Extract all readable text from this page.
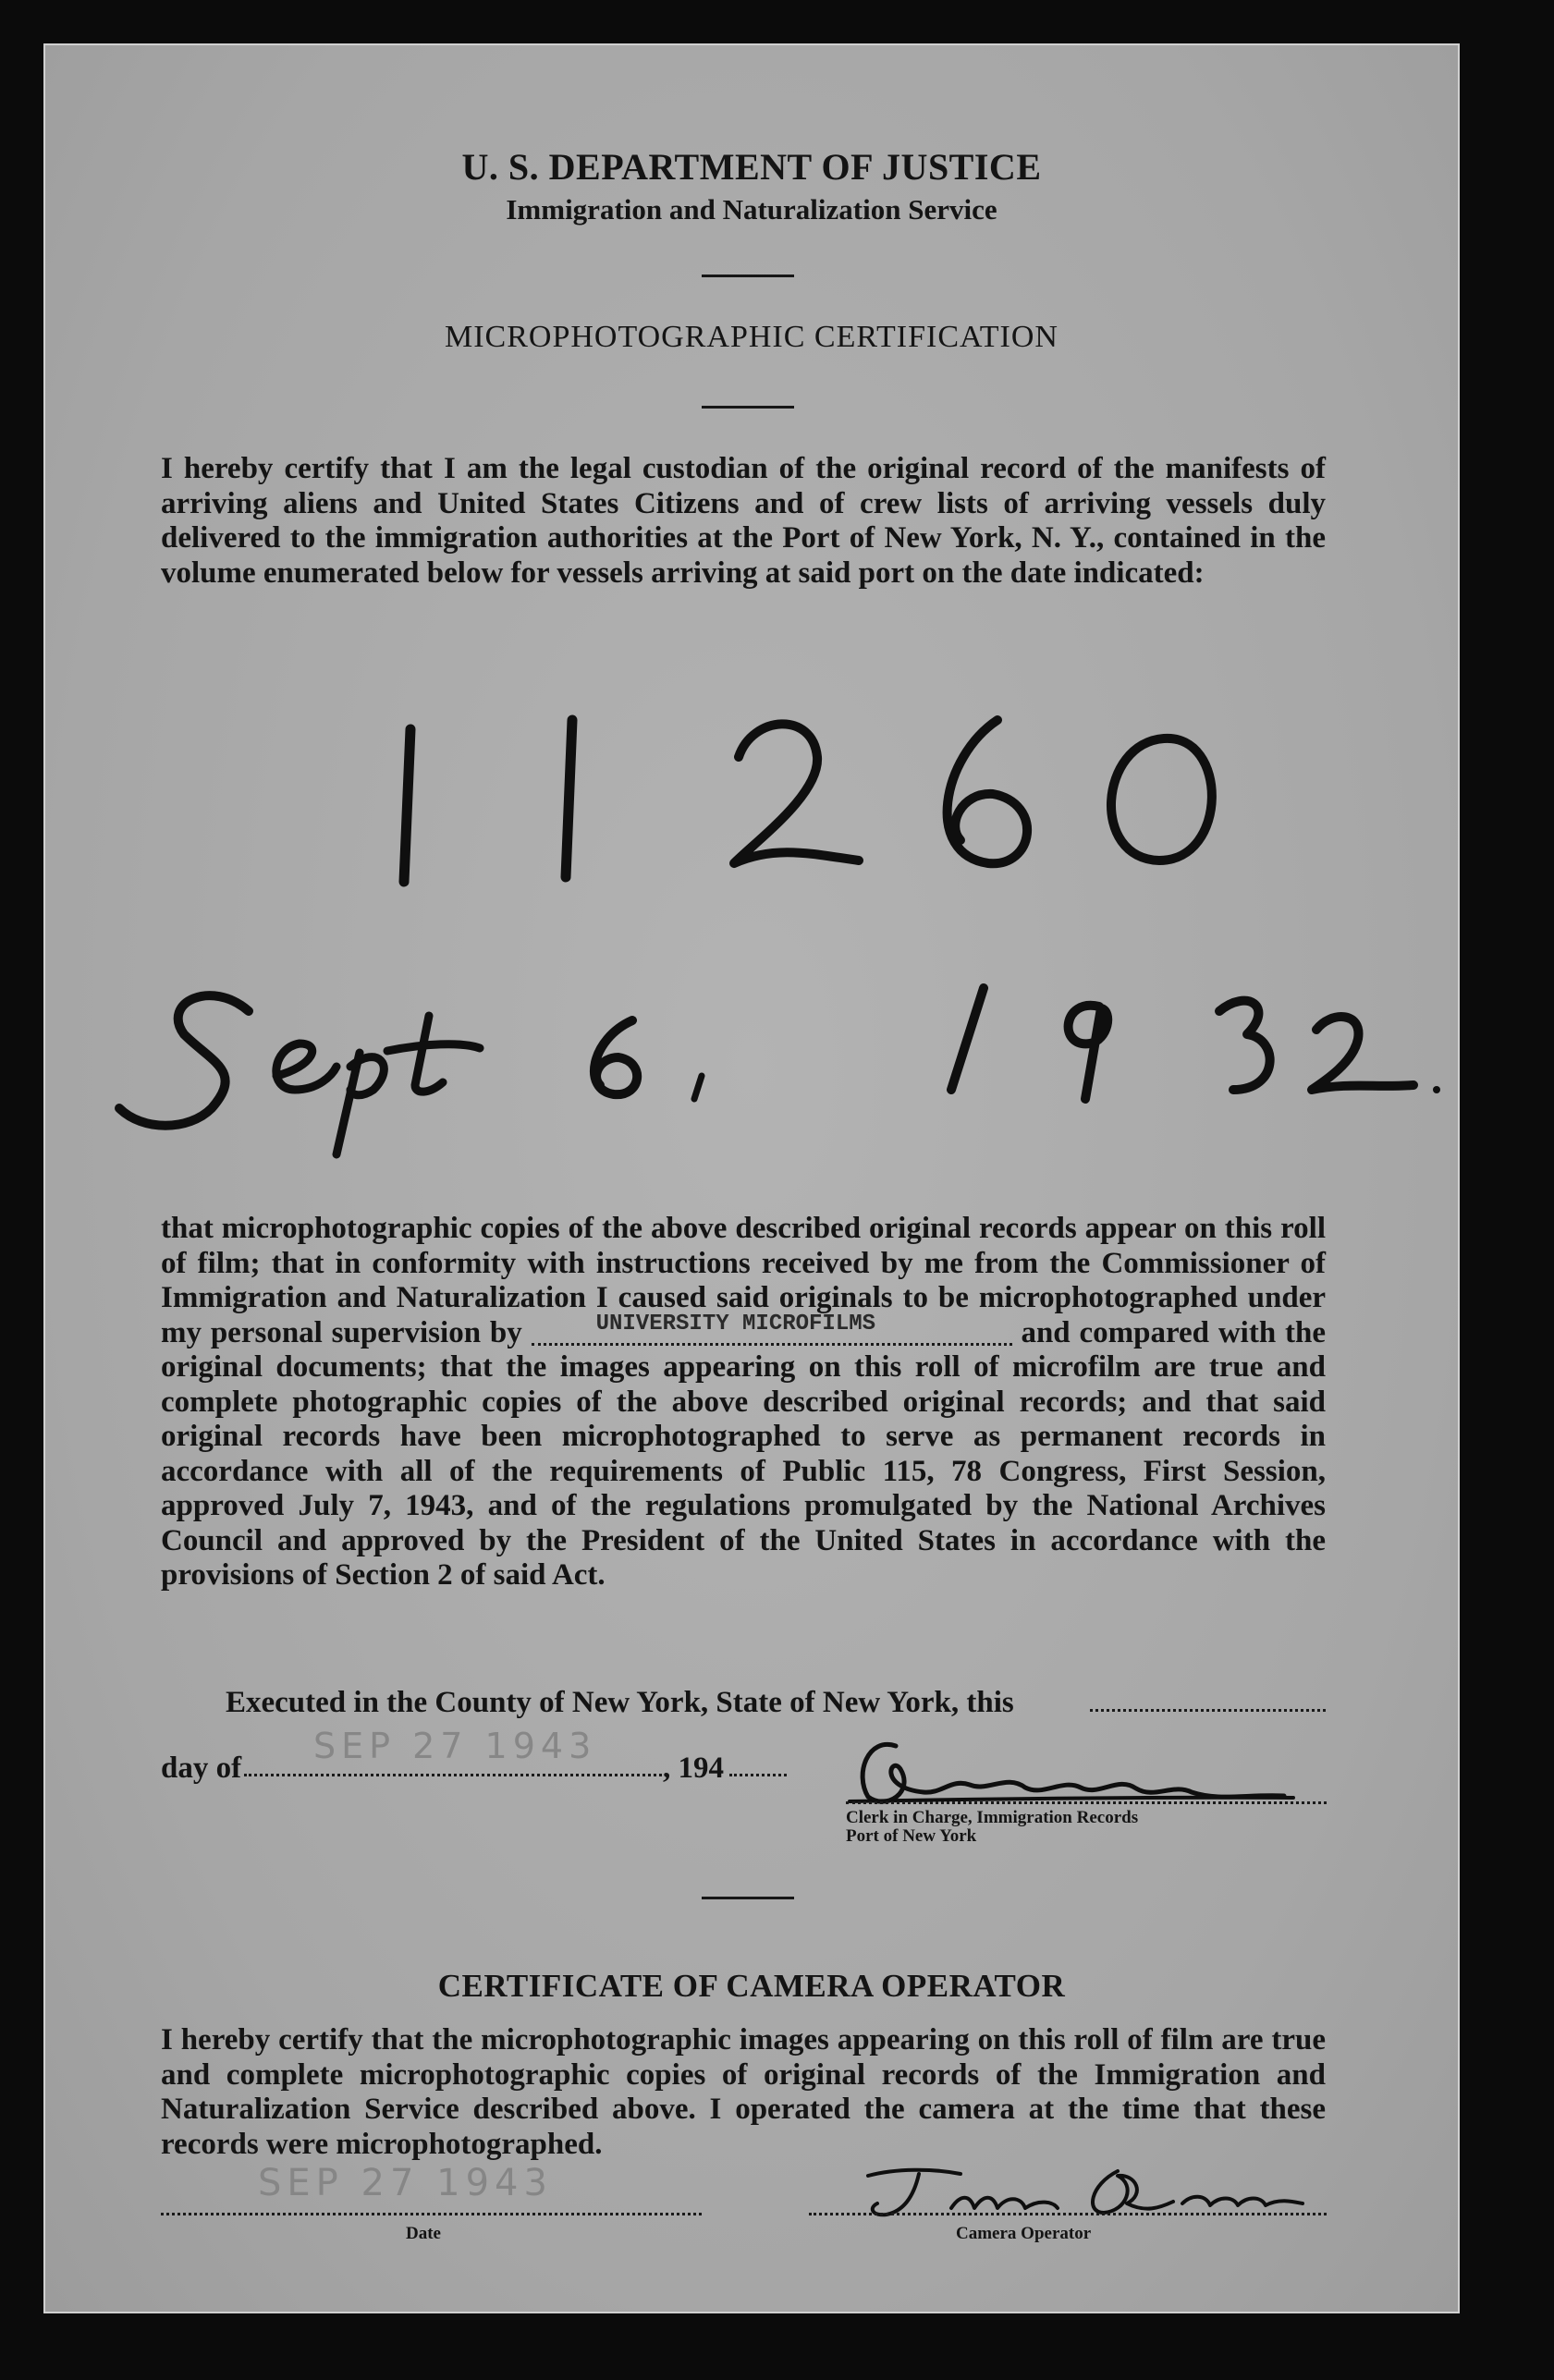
U. S. DEPARTMENT OF JUSTICE
Immigration and Naturalization Service
MICROPHOTOGRAPHIC CERTIFICATION
I hereby certify that I am the legal custodian of the original record of the manifests of arriving aliens and United States Citizens and of crew lists of arriving vessels duly delivered to the immigration authorities at the Port of New York, N. Y., contained in the volume enumerated below for vessels arriving at said port on the date indicated:
that microphotographic copies of the above described original records appear on this roll of film; that in conformity with instructions received by me from the Commissioner of Immigration and Naturalization I caused said originals to be microphotographed under my personal supervision by	UNIVERSITY MICROFILMS	and compared with the original documents; that the images appearing on this roll of microfilm are true and complete photographic copies of the above described original records; and that said original records have been microphotographed to serve as permanent records in accordance with all of the requirements of Public 115, 78 Congress, First Session, approved July 7, 1943, and of the regulations promulgated by the National Archives Council and approved by the President of the United States in accordance with the provisions of Section 2 of said Act.
Executed in the County of New York, State of New York, this
day of
SEP 27 1943
, 194
Clerk in Charge, Immigration Records
Port of New York
CERTIFICATE OF CAMERA OPERATOR
I hereby certify that the microphotographic images appearing on this roll of film are true and complete microphotographic copies of original records of the Immigration and Naturalization Service described above. I operated the camera at the time that these records were microphotographed.
SEP 27 1943
Date	Camera Operator
